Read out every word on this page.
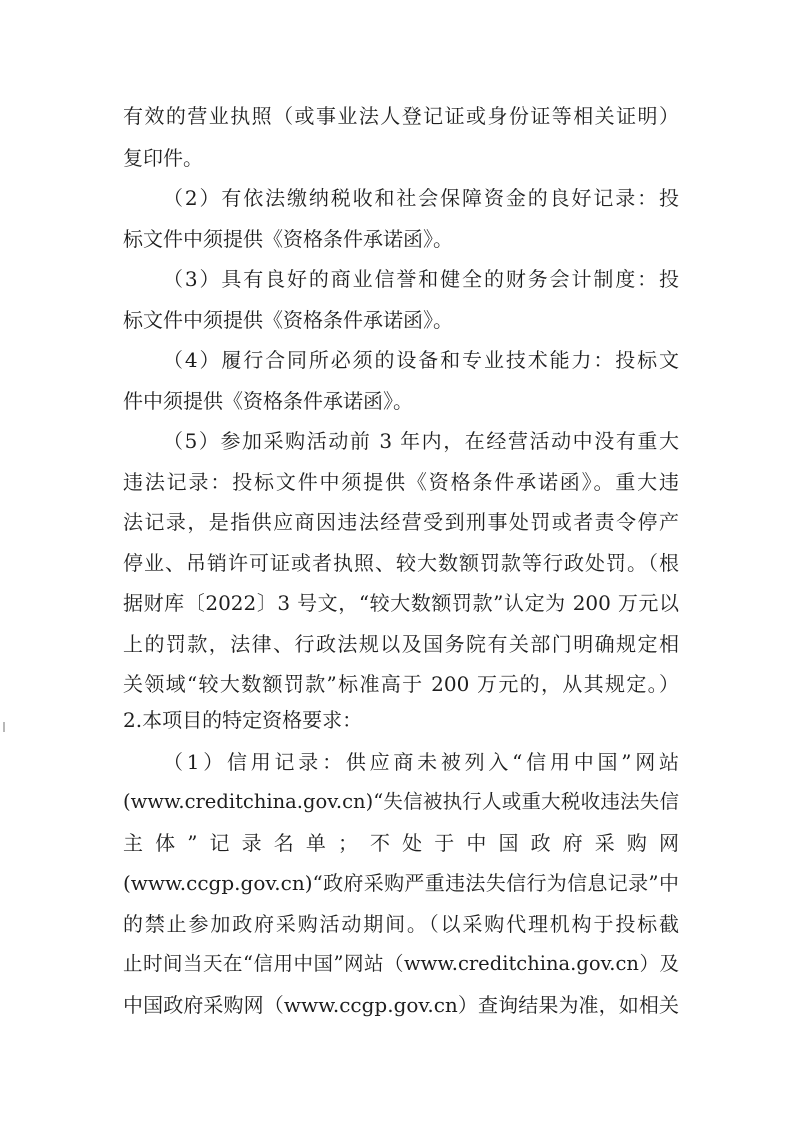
有效的营业执照（或事业法人登记证或身份证等相关证明）
复印件。
（2）有依法缴纳税收和社会保障资金的良好记录：投
标文件中须提供《资格条件承诺函》。
（3）具有良好的商业信誉和健全的财务会计制度：投
标文件中须提供《资格条件承诺函》。
（4）履行合同所必须的设备和专业技术能力：投标文
件中须提供《资格条件承诺函》。
（5）参加采购活动前 3 年内，在经营活动中没有重大
违法记录：投标文件中须提供《资格条件承诺函》。重大违
法记录，是指供应商因违法经营受到刑事处罚或者责令停产
停业、吊销许可证或者执照、较大数额罚款等行政处罚。（根
据财库〔2022〕3 号文，“较大数额罚款”认定为 200 万元以
上的罚款，法律、行政法规以及国务院有关部门明确规定相
关领域“较大数额罚款”标准高于 200 万元的，从其规定。）
2.本项目的特定资格要求：
（1）信用记录：供应商未被列入“信用中国”网站
(www.creditchina.gov.cn)“失信被执行人或重大税收违法失信
主体”记录名单；不处于中国政府采购网
(www.ccgp.gov.cn)“政府采购严重违法失信行为信息记录”中
的禁止参加政府采购活动期间。（以采购代理机构于投标截
止时间当天在“信用中国”网站（www.creditchina.gov.cn）及
中国政府采购网（www.ccgp.gov.cn）查询结果为准，如相关
